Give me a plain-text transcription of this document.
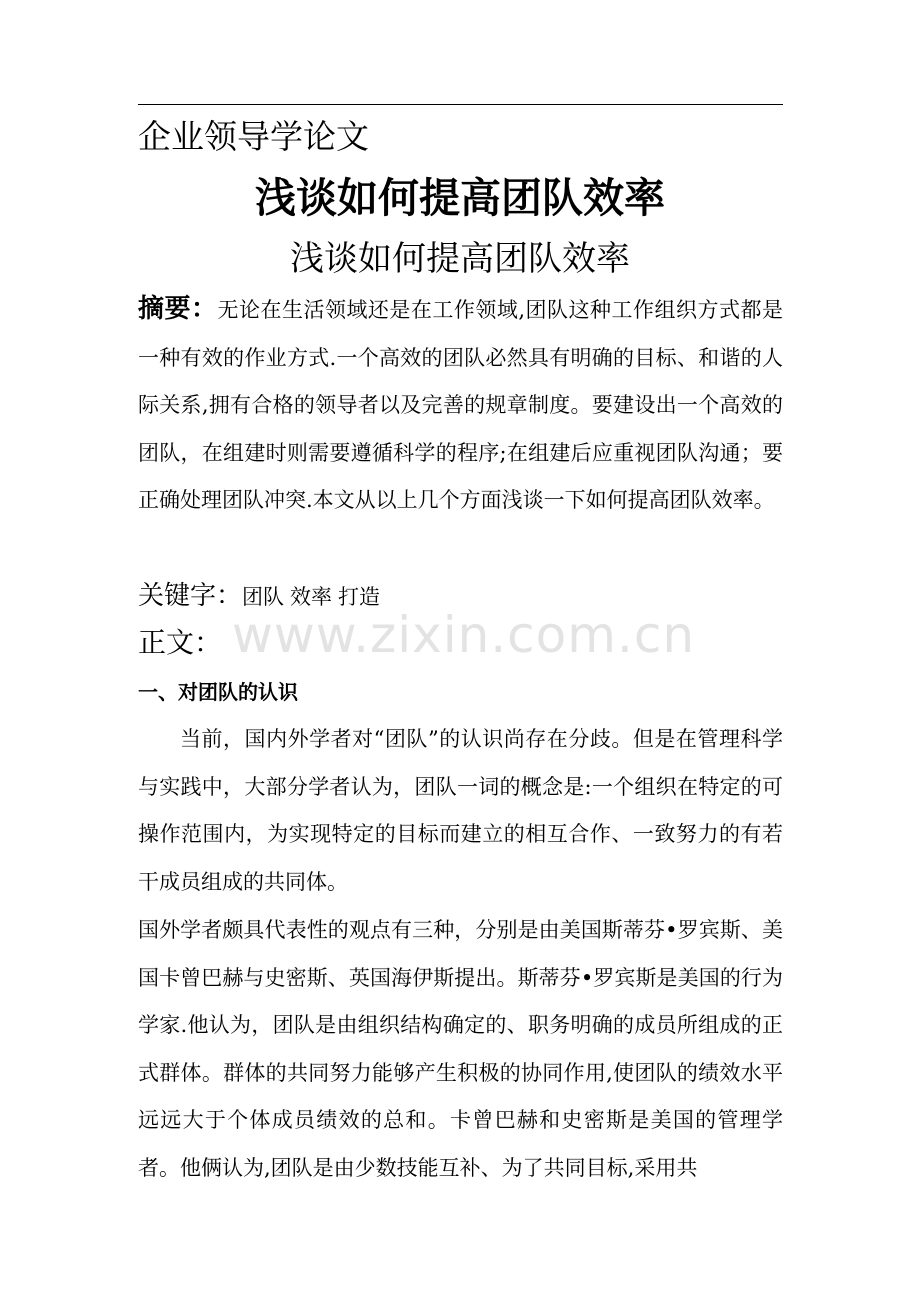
企业领导学论文
浅谈如何提高团队效率
浅谈如何提高团队效率
摘要：无论在生活领域还是在工作领域,团队这种工作组织方式都是一种有效的作业方式.一个高效的团队必然具有明确的目标、和谐的人际关系,拥有合格的领导者以及完善的规章制度。要建设出一个高效的团队，在组建时则需要遵循科学的程序;在组建后应重视团队沟通；要正确处理团队冲突.本文从以上几个方面浅谈一下如何提高团队效率。
关键字：团队 效率 打造
www.zixin.com.cn
正文：
一、对团队的认识
当前，国内外学者对“团队”的认识尚存在分歧。但是在管理科学与实践中，大部分学者认为，团队一词的概念是:一个组织在特定的可操作范围内，为实现特定的目标而建立的相互合作、一致努力的有若干成员组成的共同体。
国外学者颇具代表性的观点有三种，分别是由美国斯蒂芬•罗宾斯、美国卡曾巴赫与史密斯、英国海伊斯提出。斯蒂芬•罗宾斯是美国的行为学家.他认为，团队是由组织结构确定的、职务明确的成员所组成的正式群体。群体的共同努力能够产生积极的协同作用,使团队的绩效水平远远大于个体成员绩效的总和。卡曾巴赫和史密斯是美国的管理学者。他俩认为,团队是由少数技能互补、为了共同目标,采用共
